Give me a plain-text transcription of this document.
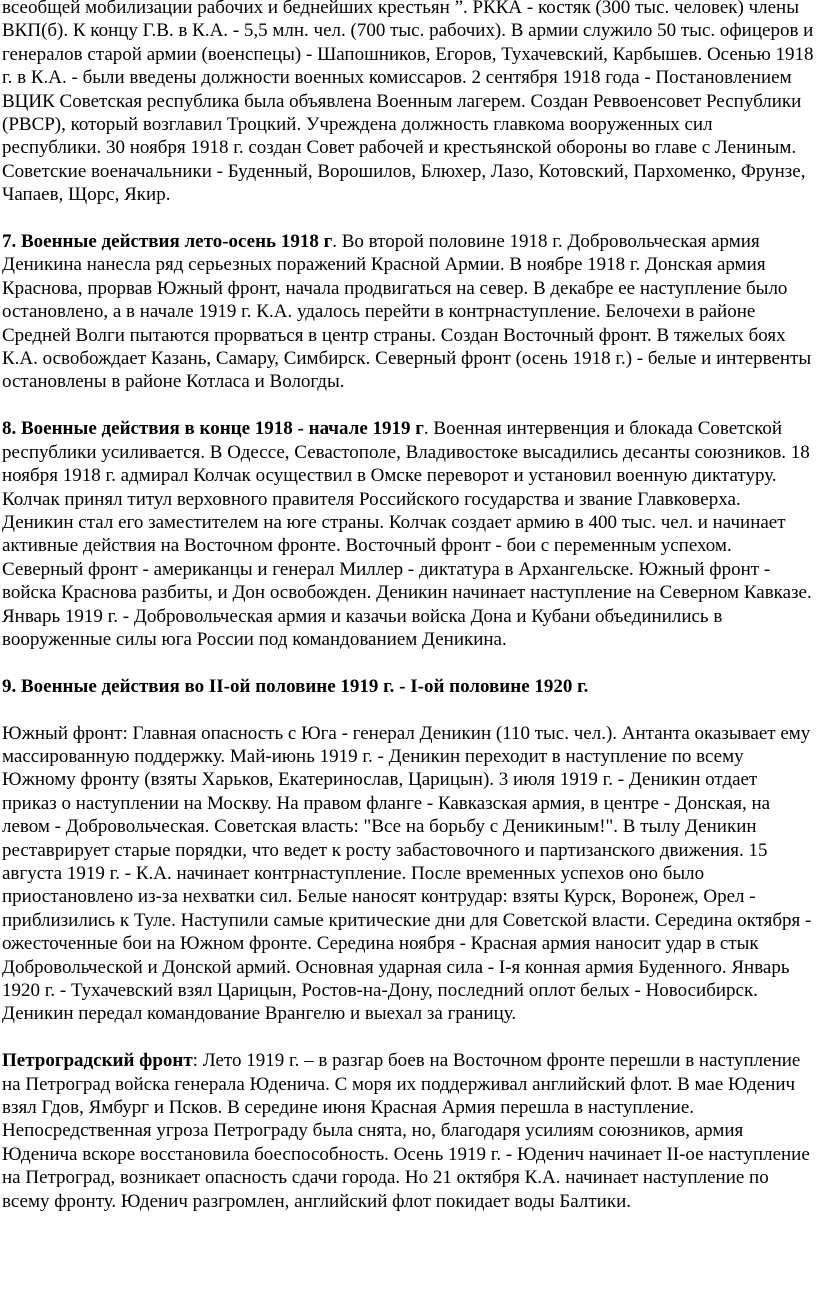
всеобщей мобилизации рабочих и беднейших крестьян ”. РККА - костяк (300 тыс. человек) члены ВКП(б). К концу Г.В. в К.А. - 5,5 млн. чел. (700 тыс. рабочих). В армии служило 50 тыс. офицеров и генералов старой армии (военспецы) - Шапошников, Егоров, Тухачевский, Карбышев. Осенью 1918 г. в К.А. - были введены должности военных комиссаров. 2 сентября 1918 года - Постановлением ВЦИК Советская республика была объявлена Военным лагерем. Создан Реввоенсовет Республики (РВСР), который возглавил Троцкий. Учреждена должность главкома вооруженных сил республики. 30 ноября 1918 г. создан Совет рабочей и крестьянской обороны во главе с Лениным. Советские военачальники - Буденный, Ворошилов, Блюхер, Лазо, Котовский, Пархоменко, Фрунзе, Чапаев, Щорс, Якир.

7. Военные действия лето-осень 1918 г. Во второй половине 1918 г. Добровольческая армия Деникина нанесла ряд серьезных поражений Красной Армии. В ноябре 1918 г. Донская армия Краснова, прорвав Южный фронт, начала продвигаться на север. В декабре ее наступление было остановлено, а в начале 1919 г. К.А. удалось перейти в контрнаступление. Белочехи в районе Средней Волги пытаются прорваться в центр страны. Создан Восточный фронт. В тяжелых боях К.А. освобождает Казань, Самару, Симбирск. Северный фронт (осень 1918 г.) - белые и интервенты остановлены в районе Котласа и Вологды.

8. Военные действия в конце 1918 - начале 1919 г. Военная интервенция и блокада Советской республики усиливается. В Одессе, Севастополе, Владивостоке высадились десанты союзников. 18 ноября 1918 г. адмирал Колчак осуществил в Омске переворот и установил военную диктатуру. Колчак принял титул верховного правителя Российского государства и звание Главковерха. Деникин стал его заместителем на юге страны. Колчак создает армию в 400 тыс. чел. и начинает активные действия на Восточном фронте. Восточный фронт - бои с переменным успехом. Северный фронт - американцы и генерал Миллер - диктатура в Архангельске. Южный фронт - войска Краснова разбиты, и Дон освобожден. Деникин начинает наступление на Северном Кавказе. Январь 1919 г. - Добровольческая армия и казачьи войска Дона и Кубани объединились в вооруженные силы юга России под командованием Деникина.

9. Военные действия во II-ой половине 1919 г. - I-ой половине 1920 г.

Южный фронт: Главная опасность с Юга - генерал Деникин (110 тыс. чел.). Антанта оказывает ему массированную поддержку. Май-июнь 1919 г. - Деникин переходит в наступление по всему Южному фронту (взяты Харьков, Екатеринослав, Царицын). 3 июля 1919 г. - Деникин отдает приказ о наступлении на Москву. На правом фланге - Кавказская армия, в центре - Донская, на левом - Добровольческая. Советская власть: "Все на борьбу с Деникиным!". В тылу Деникин реставрирует старые порядки, что ведет к росту забастовочного и партизанского движения. 15 августа 1919 г. - К.А. начинает контрнаступление. После временных успехов оно было приостановлено из-за нехватки сил. Белые наносят контрудар: взяты Курск, Воронеж, Орел - приблизились к Туле. Наступили самые критические дни для Советской власти. Середина октября - ожесточенные бои на Южном фронте. Середина ноября - Красная армия наносит удар в стык Добровольческой и Донской армий. Основная ударная сила - I-я конная армия Буденного. Январь 1920 г. - Тухачевский взял Царицын, Ростов-на-Дону, последний оплот белых - Новосибирск. Деникин передал командование Врангелю и выехал за границу.

Петроградский фронт: Лето 1919 г. – в разгар боев на Восточном фронте перешли в наступление на Петроград войска генерала Юденича. С моря их поддерживал английский флот. В мае Юденич взял Гдов, Ямбург и Псков. В середине июня Красная Армия перешла в наступление. Непосредственная угроза Петрограду была снята, но, благодаря усилиям союзников, армия Юденича вскоре восстановила боеспособность. Осень 1919 г. - Юденич начинает II-ое наступление на Петроград, возникает опасность сдачи города. Но 21 октября К.А. начинает наступление по всему фронту. Юденич разгромлен, английский флот покидает воды Балтики.
